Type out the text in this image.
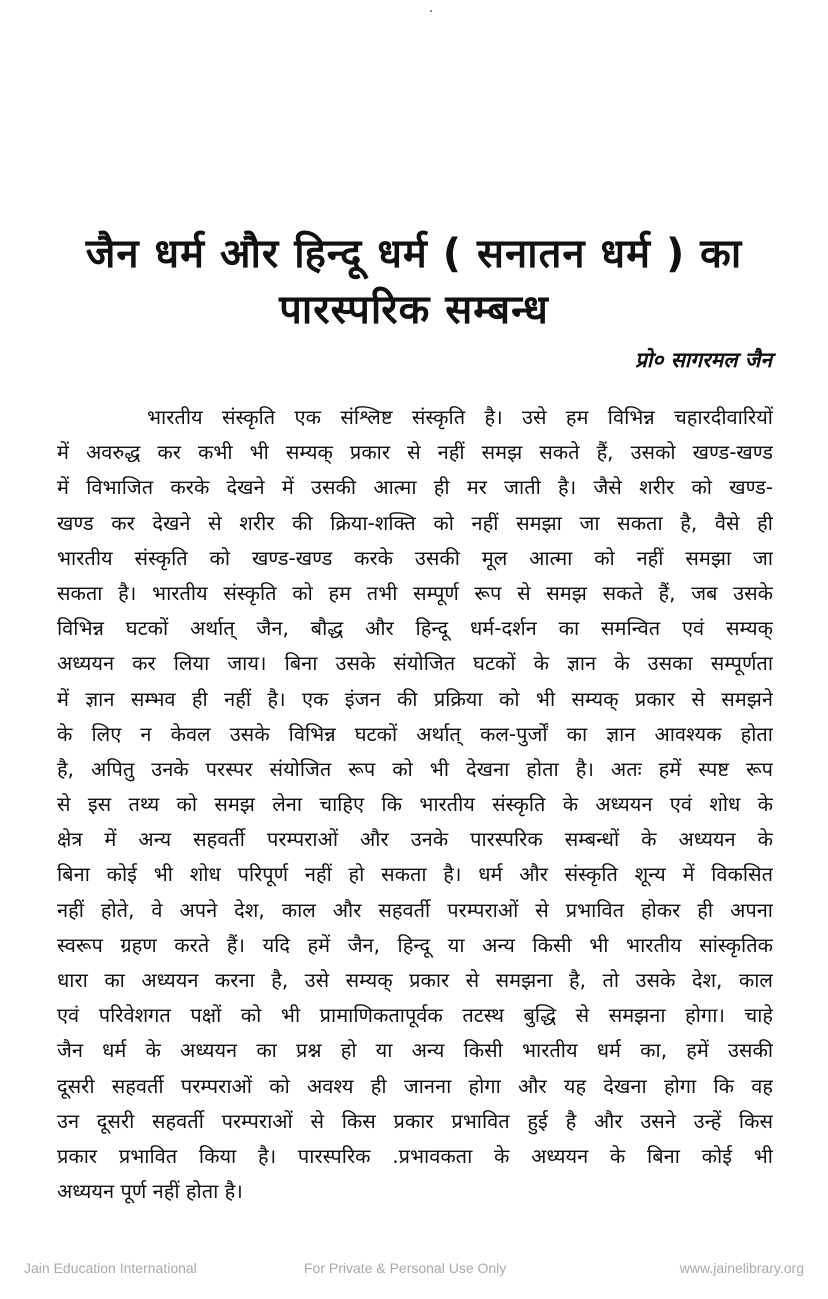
जैन धर्म और हिन्दू धर्म ( सनातन धर्म ) का
पारस्परिक सम्बन्ध
प्रो० सागरमल जैन
भारतीय संस्कृति एक संश्लिष्ट संस्कृति है। उसे हम विभिन्न चहारदीवारियों
में अवरुद्ध कर कभी भी सम्यक् प्रकार से नहीं समझ सकते हैं, उसको खण्ड-खण्ड
में विभाजित करके देखने में उसकी आत्मा ही मर जाती है। जैसे शरीर को खण्ड-
खण्ड कर देखने से शरीर की क्रिया-शक्ति को नहीं समझा जा सकता है, वैसे ही
भारतीय संस्कृति को खण्ड-खण्ड करके उसकी मूल आत्मा को नहीं समझा जा
सकता है। भारतीय संस्कृति को हम तभी सम्पूर्ण रूप से समझ सकते हैं, जब उसके
विभिन्न घटकों अर्थात् जैन, बौद्ध और हिन्दू धर्म-दर्शन का समन्वित एवं सम्यक्
अध्ययन कर लिया जाय। बिना उसके संयोजित घटकों के ज्ञान के उसका सम्पूर्णता
में ज्ञान सम्भव ही नहीं है। एक इंजन की प्रक्रिया को भी सम्यक् प्रकार से समझने
के लिए न केवल उसके विभिन्न घटकों अर्थात् कल-पुर्जों का ज्ञान आवश्यक होता
है, अपितु उनके परस्पर संयोजित रूप को भी देखना होता है। अतः हमें स्पष्ट रूप
से इस तथ्य को समझ लेना चाहिए कि भारतीय संस्कृति के अध्ययन एवं शोध के
क्षेत्र में अन्य सहवर्ती परम्पराओं और उनके पारस्परिक सम्बन्धों के अध्ययन के
बिना कोई भी शोध परिपूर्ण नहीं हो सकता है। धर्म और संस्कृति शून्य में विकसित
नहीं होते, वे अपने देश, काल और सहवर्ती परम्पराओं से प्रभावित होकर ही अपना
स्वरूप ग्रहण करते हैं। यदि हमें जैन, हिन्दू या अन्य किसी भी भारतीय सांस्कृतिक
धारा का अध्ययन करना है, उसे सम्यक् प्रकार से समझना है, तो उसके देश, काल
एवं परिवेशगत पक्षों को भी प्रामाणिकतापूर्वक तटस्थ बुद्धि से समझना होगा। चाहे
जैन धर्म के अध्ययन का प्रश्न हो या अन्य किसी भारतीय धर्म का, हमें उसकी
दूसरी सहवर्ती परम्पराओं को अवश्य ही जानना होगा और यह देखना होगा कि वह
उन दूसरी सहवर्ती परम्पराओं से किस प्रकार प्रभावित हुई है और उसने उन्हें किस
प्रकार प्रभावित किया है। पारस्परिक .प्रभावकता के अध्ययन के बिना कोई भी
अध्ययन पूर्ण नहीं होता है।
Jain Education International	For Private & Personal Use Only	www.jainelibrary.org
